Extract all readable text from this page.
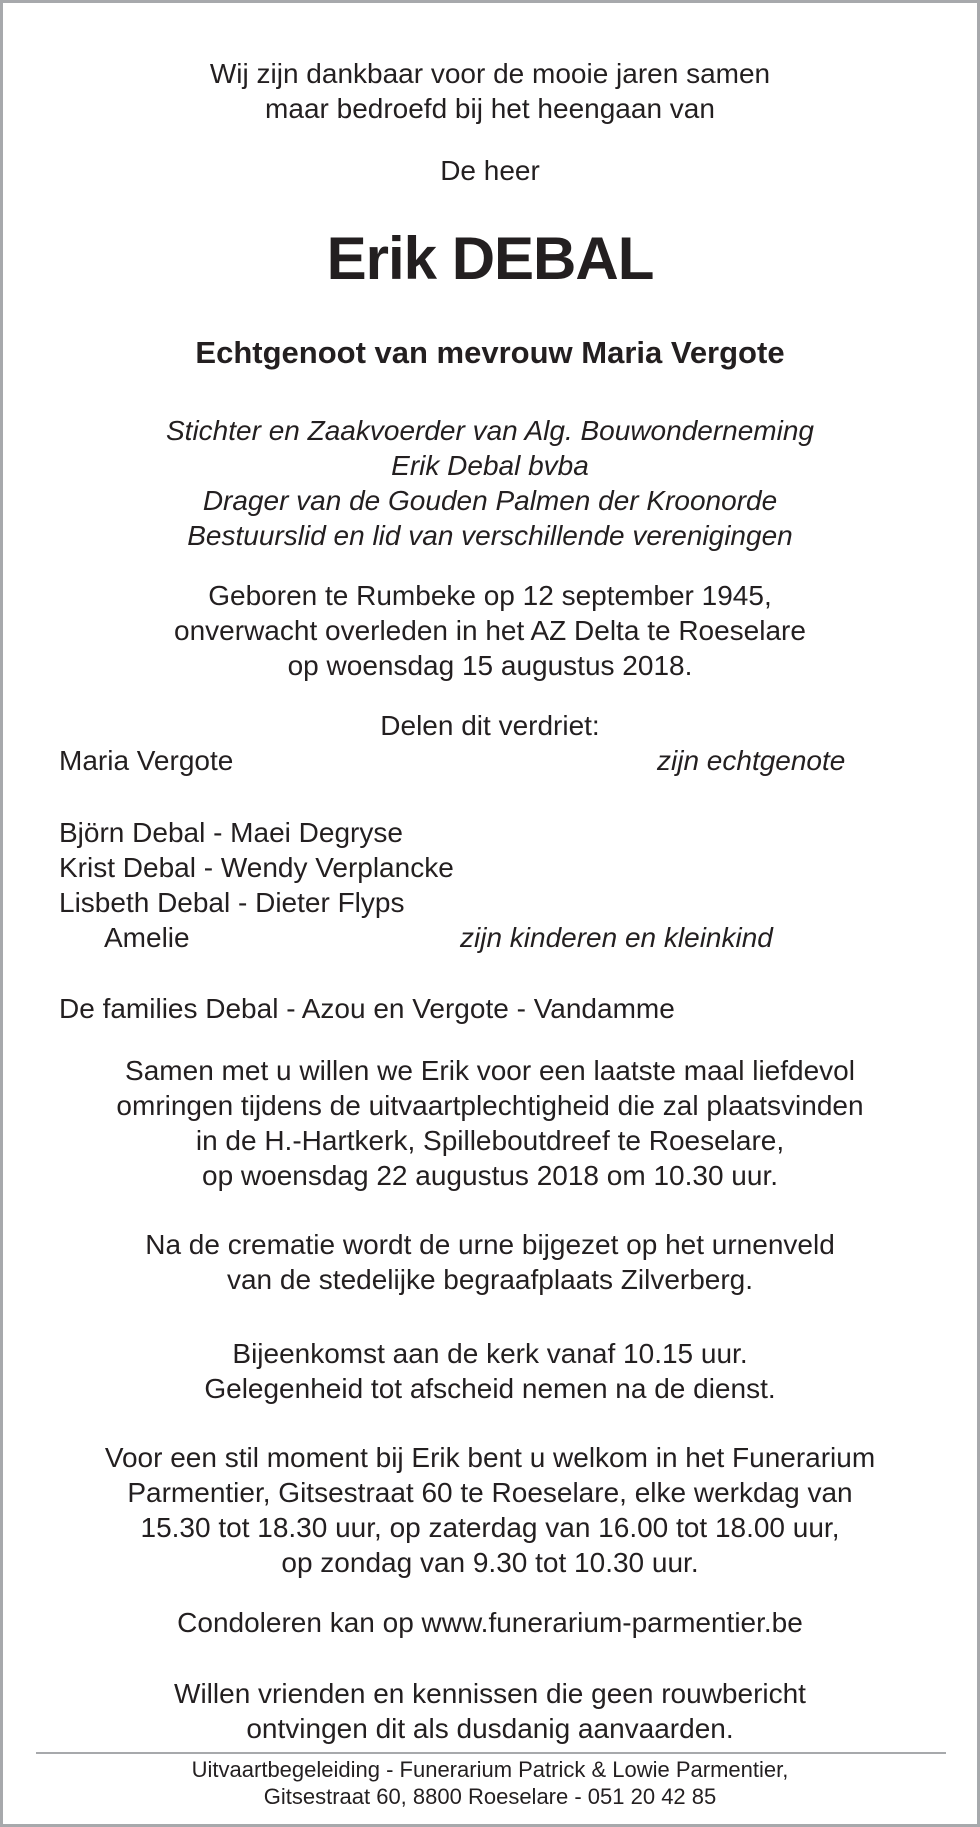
Wij zijn dankbaar voor de mooie jaren samen
maar bedroefd bij het heengaan van
De heer
Erik DEBAL
Echtgenoot van mevrouw Maria Vergote
Stichter en Zaakvoerder van Alg. Bouwonderneming
Erik Debal bvba
Drager van de Gouden Palmen der Kroonorde
Bestuurslid en lid van verschillende verenigingen
Geboren te Rumbeke op 12 september 1945,
onverwacht overleden in het AZ Delta te Roeselare
op woensdag 15 augustus 2018.
Delen dit verdriet:
Maria Vergote	zijn echtgenote
Björn Debal - Maei Degryse
Krist Debal - Wendy Verplancke
Lisbeth Debal - Dieter Flyps
Amelie	zijn kinderen en kleinkind
De families Debal - Azou en Vergote - Vandamme
Samen met u willen we Erik voor een laatste maal liefdevol
omringen tijdens de uitvaartplechtigheid die zal plaatsvinden
in de H.-Hartkerk, Spilleboutdreef te Roeselare,
op woensdag 22 augustus 2018 om 10.30 uur.
Na de crematie wordt de urne bijgezet op het urnenveld
van de stedelijke begraafplaats Zilverberg.
Bijeenkomst aan de kerk vanaf 10.15 uur.
Gelegenheid tot afscheid nemen na de dienst.
Voor een stil moment bij Erik bent u welkom in het Funerarium
Parmentier, Gitsestraat 60 te Roeselare, elke werkdag van
15.30 tot 18.30 uur, op zaterdag van 16.00 tot 18.00 uur,
op zondag van 9.30 tot 10.30 uur.
Condoleren kan op www.funerarium-parmentier.be
Willen vrienden en kennissen die geen rouwbericht
ontvingen dit als dusdanig aanvaarden.
Uitvaartbegeleiding - Funerarium Patrick & Lowie Parmentier,
Gitsestraat 60, 8800 Roeselare - 051 20 42 85
